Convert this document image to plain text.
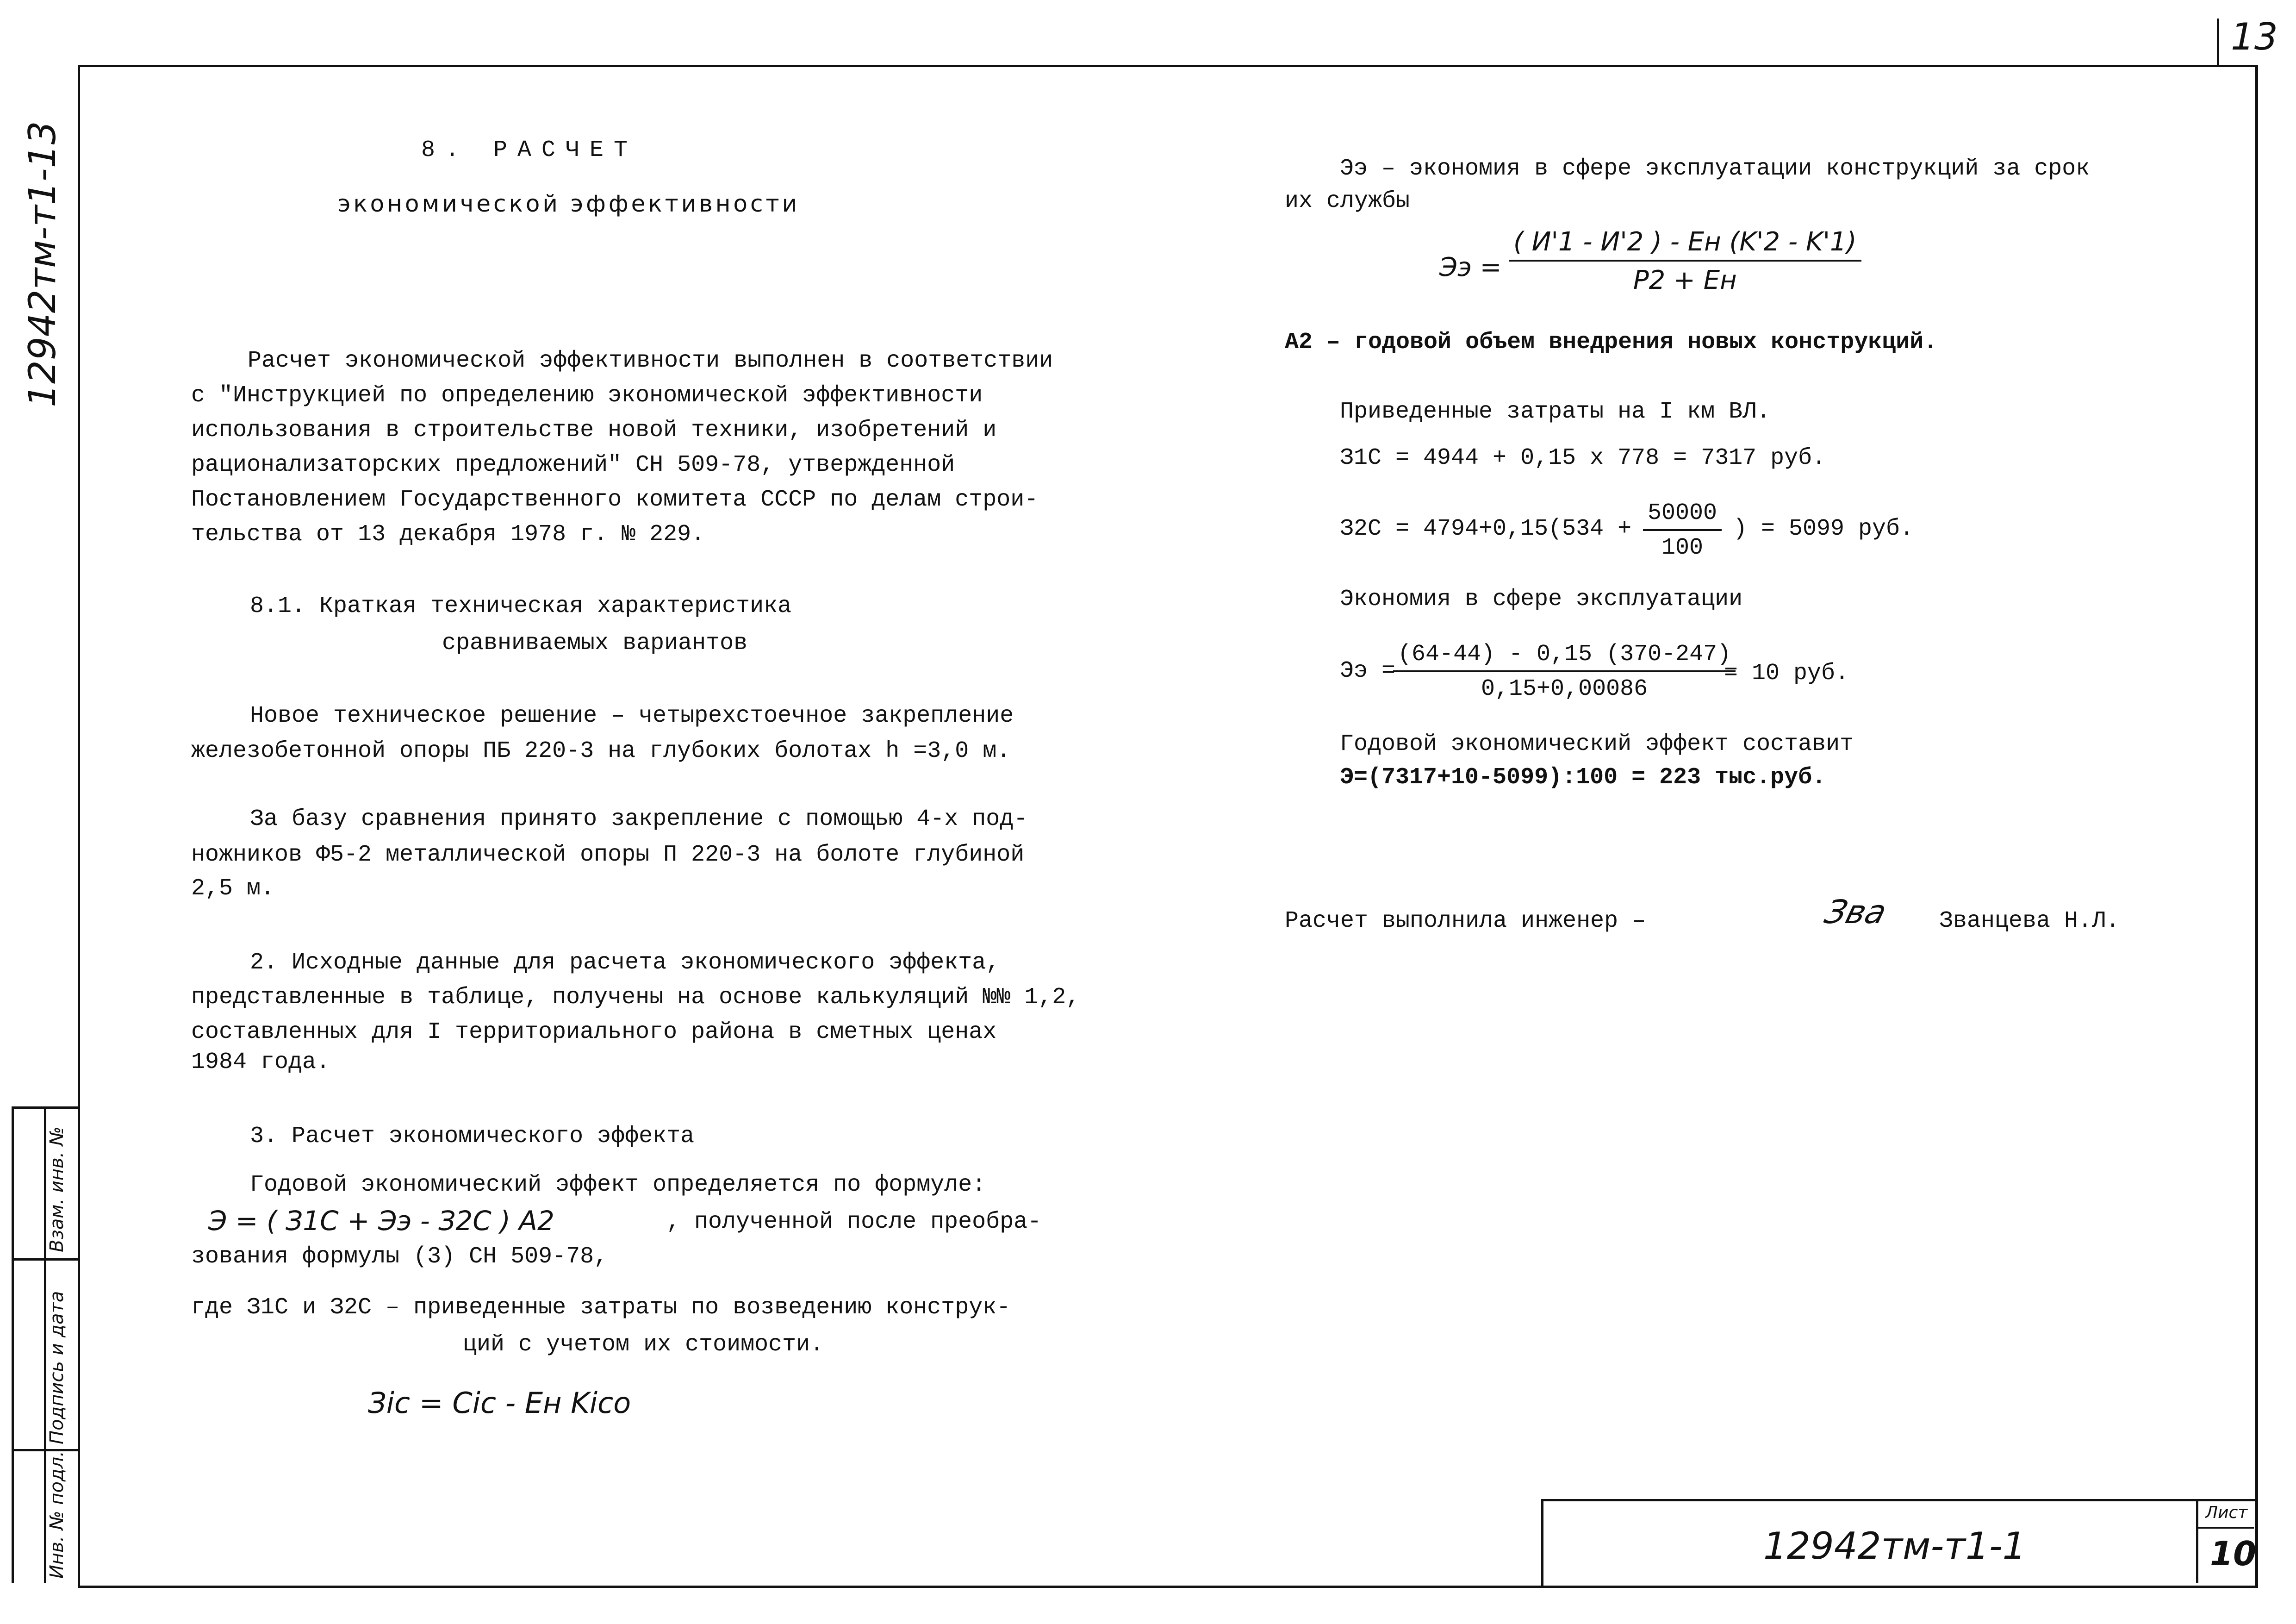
13
12942тм-т1-13
Инв. № подл.
Подпись и дата
Взам. инв. №
8. РАСЧЕТ
экономической эффективности
Расчет экономической эффективности выполнен в соответствии
с "Инструкцией по определению экономической эффективности
использования в строительстве новой техники, изобретений и
рационализаторских предложений" СН 509-78, утвержденной
Постановлением Государственного комитета СССР по делам строи-
тельства от 13 декабря 1978 г. № 229.
8.1. Краткая техническая характеристика
сравниваемых вариантов
Новое техническое решение – четырехстоечное закрепление
железобетонной опоры ПБ 220-3 на глубоких болотах h =3,0 м.
За базу сравнения принято закрепление с помощью 4-х под-
ножников Ф5-2 металлической опоры П 220-3 на болоте глубиной
2,5 м.
2. Исходные данные для расчета экономического эффекта,
представленные в таблице, получены на основе калькуляций №№ 1,2,
составленных для I территориального района в сметных ценах
1984 года.
3. Расчет экономического эффекта
Годовой экономический эффект определяется по формуле:
Э = ( З1С + Ээ - З2С ) А2	, полученной после преобра-
зования формулы (3) СН 509-78,
где З1С и З2С – приведенные затраты по возведению конструк-
ций с учетом их стоимости.
Зic = Cic - Eн Kico
Ээ – экономия в сфере эксплуатации конструкций за срок
их службы
Ээ =
( И'1 - И'2 ) - Eн (K'2 - K'1)
P2 + Eн
А2 – годовой объем внедрения новых конструкций.
Приведенные затраты на I км ВЛ.
З1С = 4944 + 0,15 x 778 = 7317 руб.
$З2С = 4794+0,15(534 + \frac{50000}{100}$ ) = 5099 руб.
Экономия в сфере эксплуатации
Ээ =
$\frac{(64-44) - 0,15 (370-247)}{0,15+0,00086}$
= 10 руб.
Годовой экономический эффект составит
Э=(7317+10-5099):100 = 223 тыс.руб.
Расчет выполнила инженер –	Зва Званцева Н.Л.
12942тм-т1-1
Лист
10
